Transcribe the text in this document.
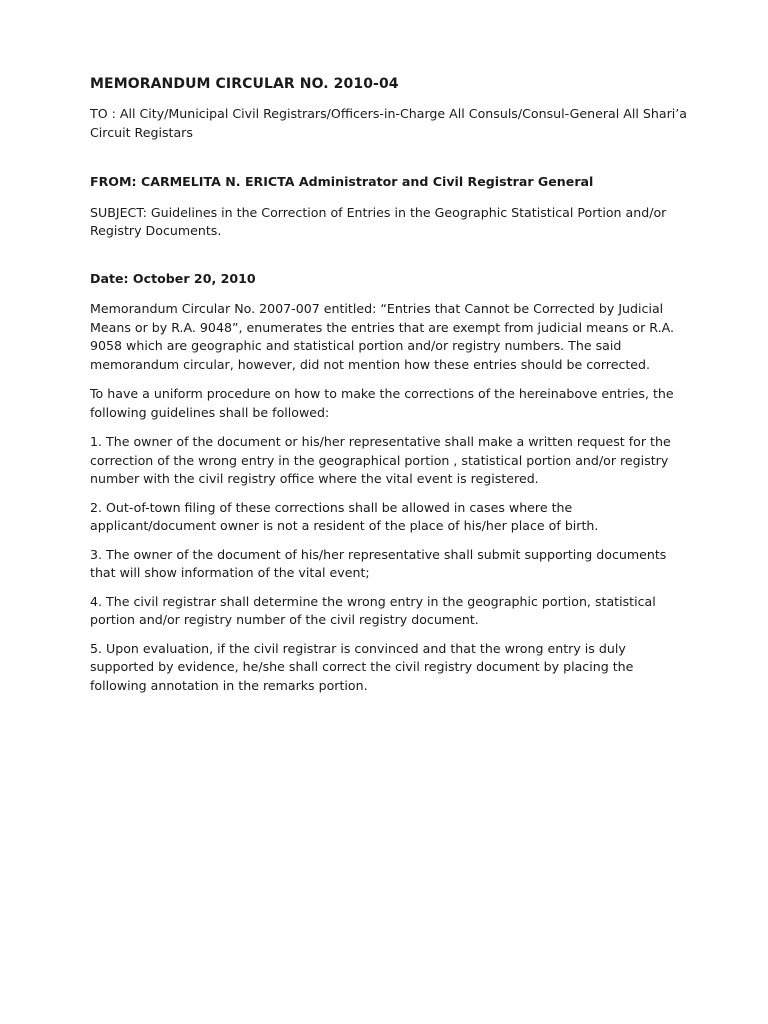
MEMORANDUM CIRCULAR NO. 2010-04

TO : All City/Municipal Civil Registrars/Officers-in-Charge All Consuls/Consul-General All Shari’a Circuit Registars

FROM: CARMELITA N. ERICTA Administrator and Civil Registrar General

SUBJECT: Guidelines in the Correction of Entries in the Geographic Statistical Portion and/or Registry Documents.

Date: October 20, 2010

Memorandum Circular No. 2007-007 entitled: “Entries that Cannot be Corrected by Judicial Means or by R.A. 9048”, enumerates the entries that are exempt from judicial means or R.A. 9058 which are geographic and statistical portion and/or registry numbers. The said memorandum circular, however, did not mention how these entries should be corrected.

To have a uniform procedure on how to make the corrections of the hereinabove entries, the following guidelines shall be followed:

1. The owner of the document or his/her representative shall make a written request for the correction of the wrong entry in the geographical portion , statistical portion and/or registry number with the civil registry office where the vital event is registered.

2. Out-of-town filing of these corrections shall be allowed in cases where the applicant/document owner is not a resident of the place of his/her place of birth.

3. The owner of the document of his/her representative shall submit supporting documents that will show information of the vital event;

4. The civil registrar shall determine the wrong entry in the geographic portion, statistical portion and/or registry number of the civil registry document.

5. Upon evaluation, if the civil registrar is convinced and that the wrong entry is duly supported by evidence, he/she shall correct the civil registry document by placing the following annotation in the remarks portion.
